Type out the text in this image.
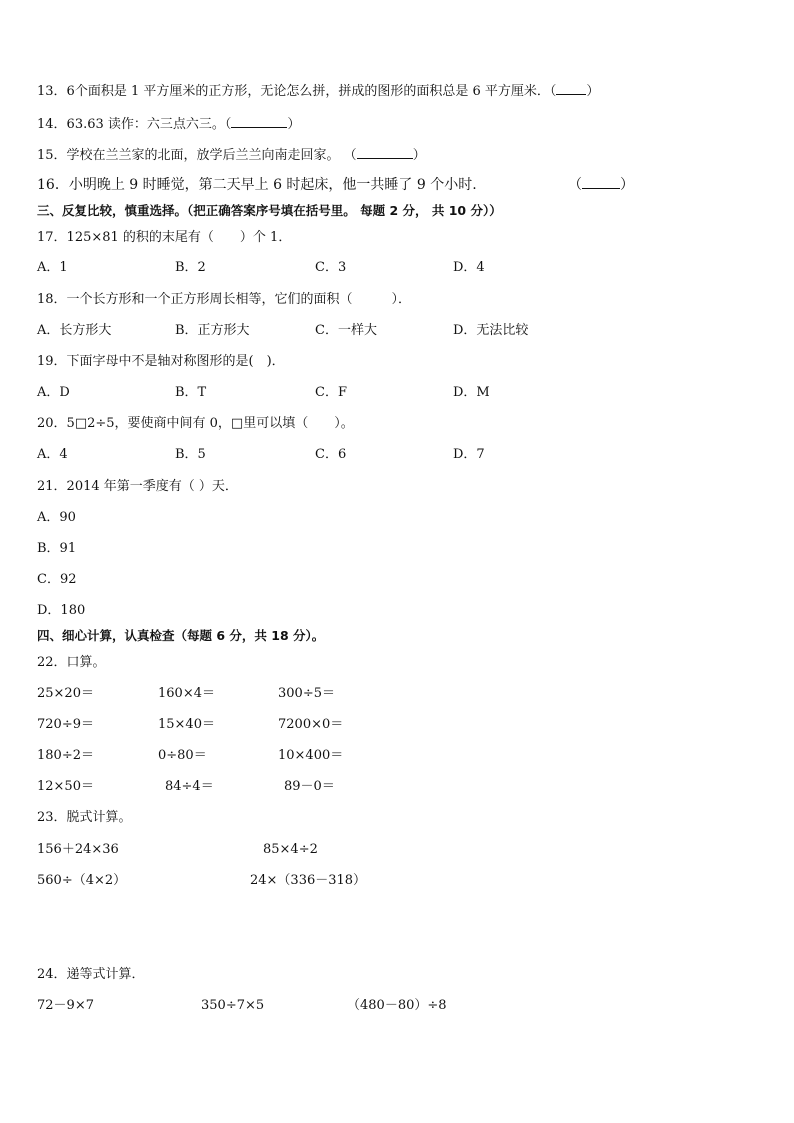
13．6个面积是 1 平方厘米的正方形，无论怎么拼，拼成的图形的面积总是 6 平方厘米．（ ）
14．63.63 读作：六三点六三。（	）
15．学校在兰兰家的北面，放学后兰兰向南走回家。 （	）
16．小明晚上 9 时睡觉，第二天早上 6 时起床，他一共睡了 9 个小时.	（	）
三、反复比较，慎重选择。（把正确答案序号填在括号里。 每题 2 分， 共 10 分））
17．125×81 的积的末尾有（　　）个 1．
A．1	B．2	C．3	D．4
18．一个长方形和一个正方形周长相等，它们的面积（　　　）．
A．长方形大	B．正方形大	C．一样大	D．无法比较
19．下面字母中不是轴对称图形的是(　)．
A．D	B．T	C．F	D．M
20．5□2÷5，要使商中间有 0，□里可以填（　　）。
A．4	B．5	C．6	D．7
21．2014 年第一季度有（ ）天．
A．90
B．91
C．92
D．180
四、细心计算，认真检查（每题 6 分，共 18 分）。
22．口算。
25×20＝	160×4＝	300÷5＝
720÷9＝	15×40＝	7200×0＝
180÷2＝	0÷80＝	10×400＝
12×50＝	84÷4＝	89－0＝
23．脱式计算。
156＋24×36	85×4÷2
560÷（4×2）	24×（336－318）
24．递等式计算．
72－9×7	350÷7×5	（480－80）÷8
